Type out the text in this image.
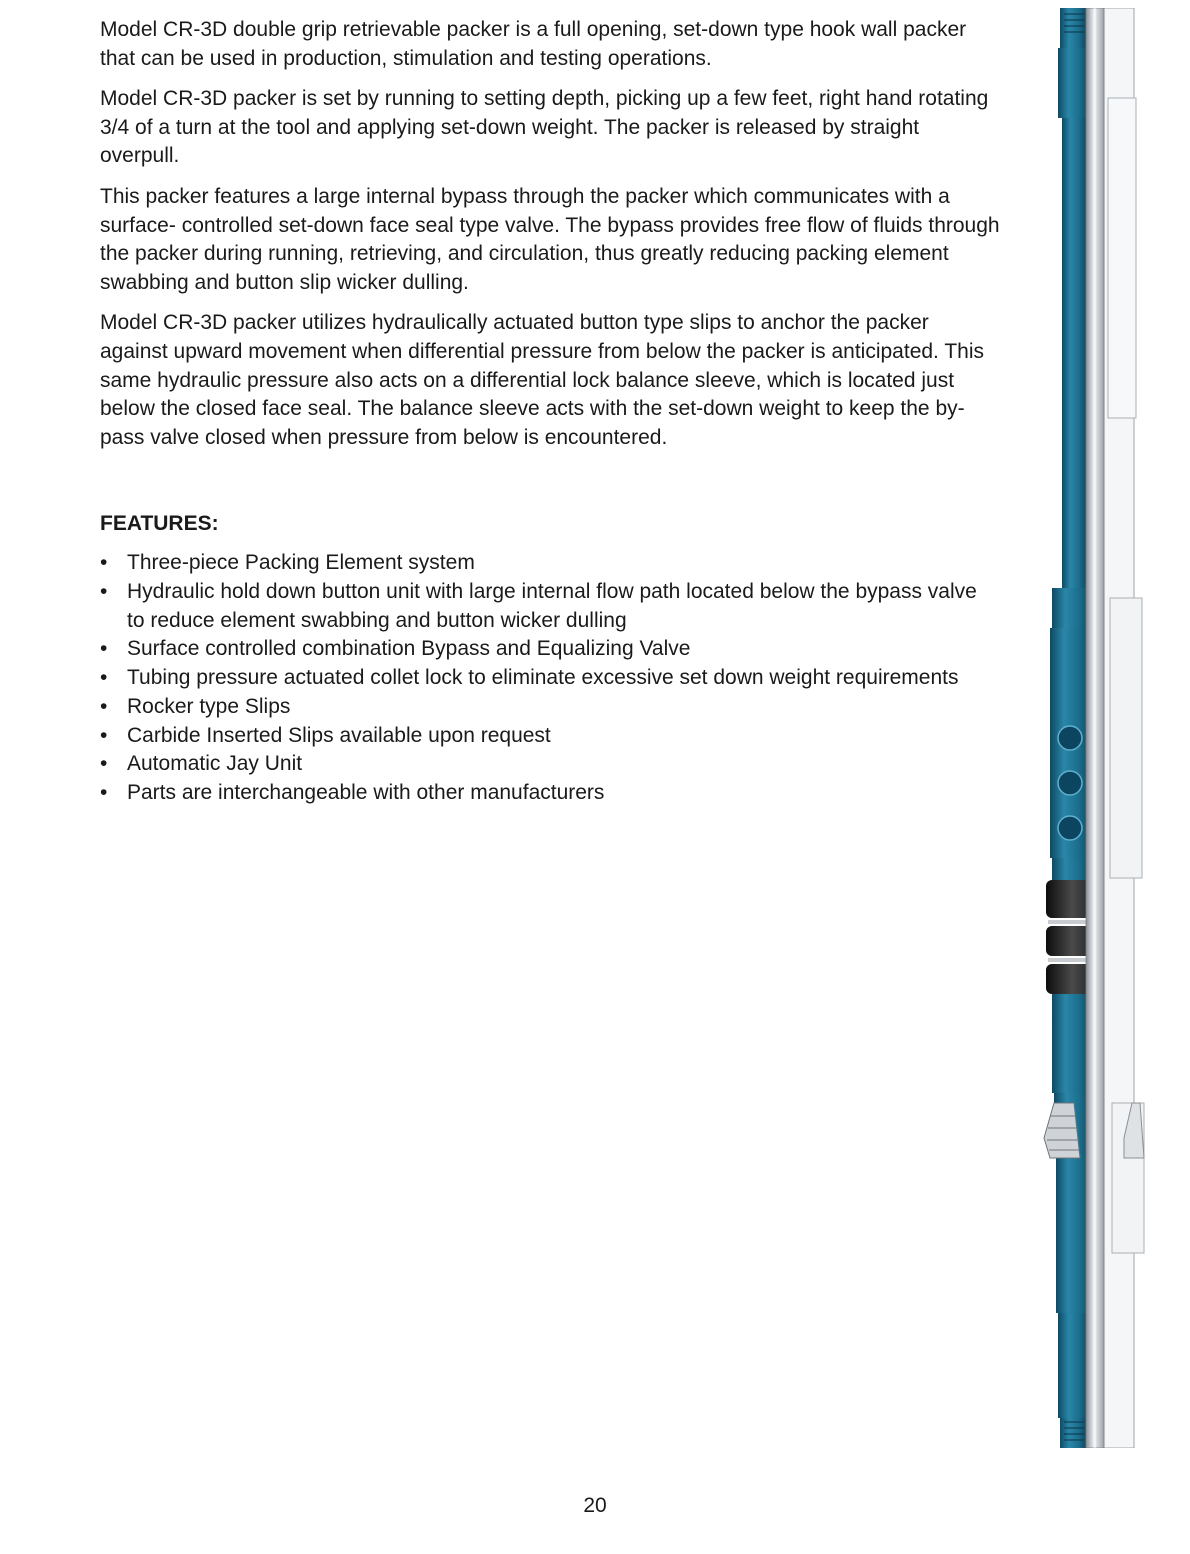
Model CR-3D double grip retrievable packer is a full opening, set-down type hook wall packer that can be used in production, stimulation and testing operations.

Model CR-3D packer is set by running to setting depth, picking up a few feet, right hand rotating 3/4 of a turn at the tool and applying set-down weight. The packer is released by straight overpull.

This packer features a large internal bypass through the packer which communicates with a surface- controlled set-down face seal type valve. The bypass provides free flow of fluids through the packer during running, retrieving, and circulation, thus greatly reducing packing element swabbing and button slip wicker dulling.

Model CR-3D packer utilizes hydraulically actuated button type slips to anchor the packer against upward movement when differential pressure from below the packer is anticipated. This same hydraulic pressure also acts on a differential lock balance sleeve, which is located just below the closed face seal. The balance sleeve acts with the set-down weight to keep the by-pass valve closed when pressure from below is encountered.

FEATURES:
• Three-piece Packing Element system
• Hydraulic hold down button unit with large internal flow path located below the bypass valve to reduce element swabbing and button wicker dulling
• Surface controlled combination Bypass and Equalizing Valve
• Tubing pressure actuated collet lock to eliminate excessive set down weight requirements
• Rocker type Slips
• Carbide Inserted Slips available upon request
• Automatic Jay Unit
• Parts are interchangeable with other manufacturers
20
